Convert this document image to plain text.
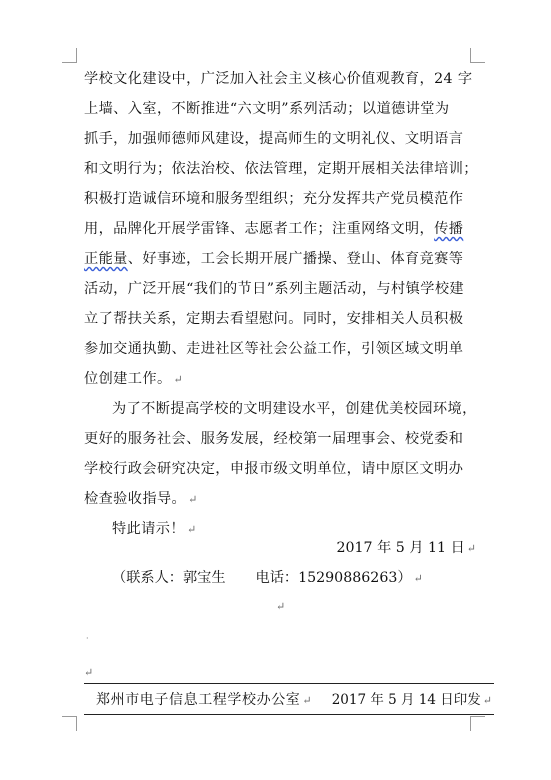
学校文化建设中，广泛加入社会主义核心价值观教育，24 字
上墙、入室，不断推进“六文明”系列活动；以道德讲堂为
抓手，加强师德师风建设，提高师生的文明礼仪、文明语言
和文明行为；依法治校、依法管理，定期开展相关法律培训；
积极打造诚信环境和服务型组织；充分发挥共产党员模范作
用，品牌化开展学雷锋、志愿者工作；注重网络文明，传播
正能量、好事迹，工会长期开展广播操、登山、体育竞赛等
活动，广泛开展“我们的节日”系列主题活动，与村镇学校建
立了帮扶关系，定期去看望慰问。同时，安排相关人员积极
参加交通执勤、走进社区等社会公益工作，引领区域文明单
位创建工作。 ↵
为了不断提高学校的文明建设水平，创建优美校园环境，
更好的服务社会、服务发展，经校第一届理事会、校党委和
学校行政会研究决定，申报市级文明单位，请中原区文明办
检查验收指导。 ↵
特此请示！ ↵
2017 年 5 月 11 日 ↵
（联系人：郭宝生 电话：15290886263） ↵
↵
·
↵
郑州市电子信息工程学校办公室 ↵ 2017 年 5 月 14 日印发 ↵
